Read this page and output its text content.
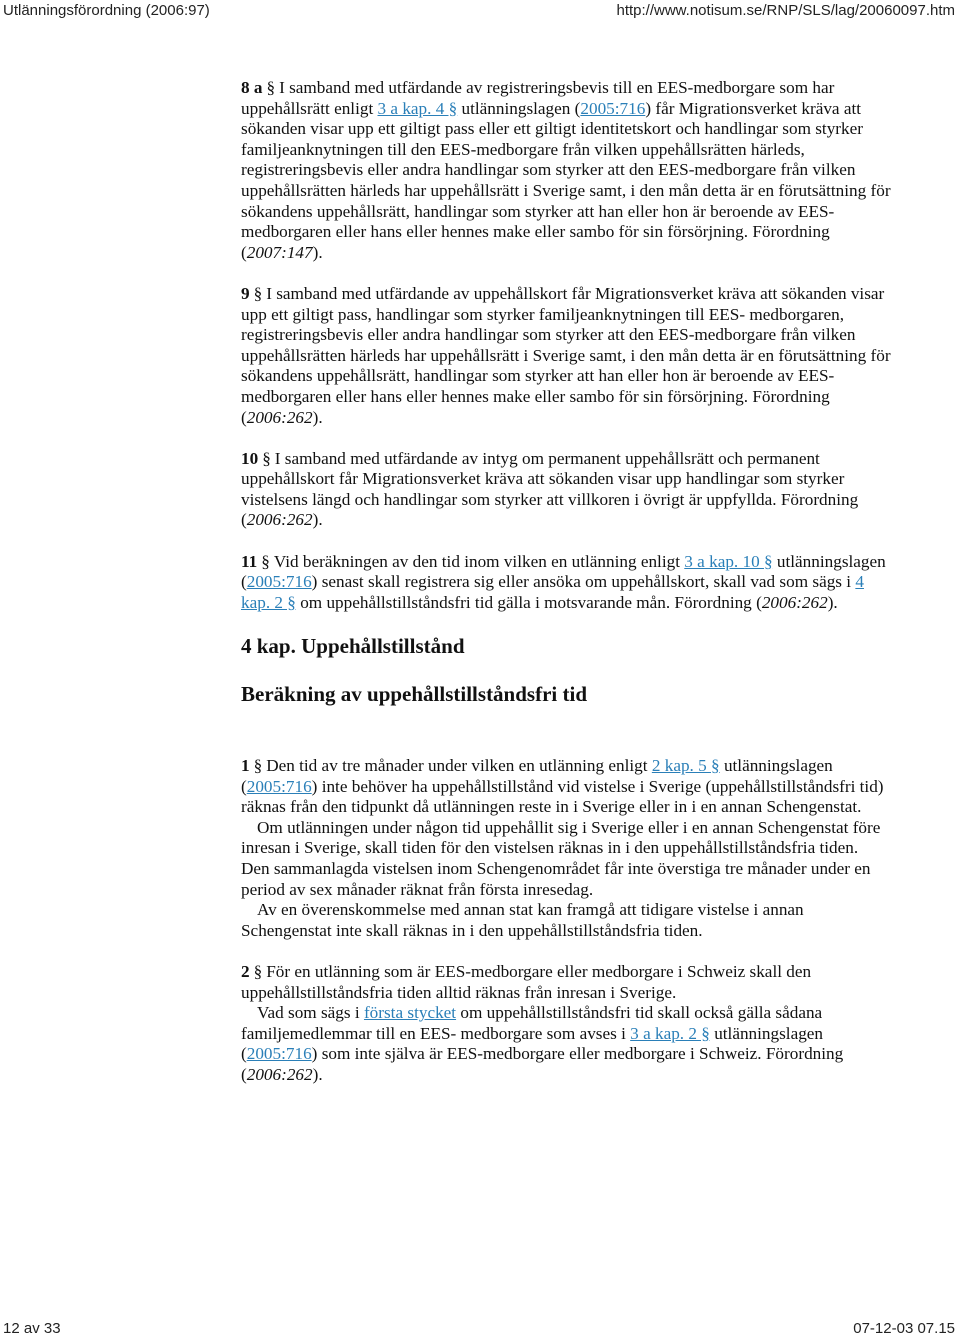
Utlänningsförordning (2006:97)	http://www.notisum.se/RNP/SLS/lag/20060097.htm

8 a § I samband med utfärdande av registreringsbevis till en EES-medborgare som har uppehållsrätt enligt 3 a kap. 4 § utlänningslagen (2005:716) får Migrationsverket kräva att sökanden visar upp ett giltigt pass eller ett giltigt identitetskort och handlingar som styrker familjeanknytningen till den EES-medborgare från vilken uppehållsrätten härleds, registreringsbevis eller andra handlingar som styrker att den EES-medborgare från vilken uppehållsrätten härleds har uppehållsrätt i Sverige samt, i den mån detta är en förutsättning för sökandens uppehållsrätt, handlingar som styrker att han eller hon är beroende av EES-medborgaren eller hans eller hennes make eller sambo för sin försörjning. Förordning (2007:147).

9 § I samband med utfärdande av uppehållskort får Migrationsverket kräva att sökanden visar upp ett giltigt pass, handlingar som styrker familjeanknytningen till EES- medborgaren, registreringsbevis eller andra handlingar som styrker att den EES-medborgare från vilken uppehållsrätten härleds har uppehållsrätt i Sverige samt, i den mån detta är en förutsättning för sökandens uppehållsrätt, handlingar som styrker att han eller hon är beroende av EES-medborgaren eller hans eller hennes make eller sambo för sin försörjning. Förordning (2006:262).

10 § I samband med utfärdande av intyg om permanent uppehållsrätt och permanent uppehållskort får Migrationsverket kräva att sökanden visar upp handlingar som styrker vistelsens längd och handlingar som styrker att villkoren i övrigt är uppfyllda. Förordning (2006:262).

11 § Vid beräkningen av den tid inom vilken en utlänning enligt 3 a kap. 10 § utlänningslagen (2005:716) senast skall registrera sig eller ansöka om uppehållskort, skall vad som sägs i 4 kap. 2 § om uppehållstillståndsfri tid gälla i motsvarande mån. Förordning (2006:262).

4 kap. Uppehållstillstånd
Beräkning av uppehållstillståndsfri tid

1 § Den tid av tre månader under vilken en utlänning enligt 2 kap. 5 § utlänningslagen (2005:716) inte behöver ha uppehållstillstånd vid vistelse i Sverige (uppehållstillståndsfri tid) räknas från den tidpunkt då utlänningen reste in i Sverige eller in i en annan Schengenstat.

Om utlänningen under någon tid uppehållit sig i Sverige eller i en annan Schengenstat före inresan i Sverige, skall tiden för den vistelsen räknas in i den uppehållstillståndsfria tiden. Den sammanlagda vistelsen inom Schengenområdet får inte överstiga tre månader under en period av sex månader räknat från första inresedag.

Av en överenskommelse med annan stat kan framgå att tidigare vistelse i annan Schengenstat inte skall räknas in i den uppehållstillståndsfria tiden.

2 § För en utlänning som är EES-medborgare eller medborgare i Schweiz skall den uppehållstillståndsfria tiden alltid räknas från inresan i Sverige.

Vad som sägs i första stycket om uppehållstillståndsfri tid skall också gälla sådana familjemedlemmar till en EES- medborgare som avses i 3 a kap. 2 § utlänningslagen (2005:716) som inte själva är EES-medborgare eller medborgare i Schweiz. Förordning (2006:262).

12 av 33	07-12-03 07.15
